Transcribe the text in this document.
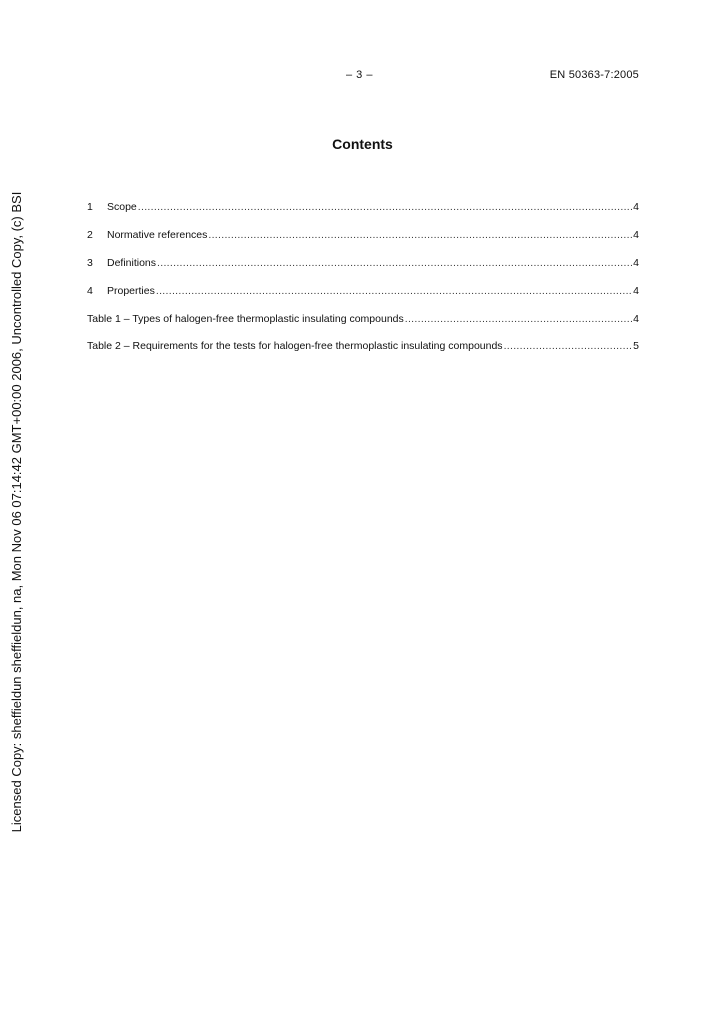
– 3 –	EN 50363-7:2005
Contents
1	Scope .....	4
2	Normative references .....	4
3	Definitions .....	4
4	Properties .....	4
Table 1 – Types of halogen-free thermoplastic insulating compounds .....	4
Table 2 – Requirements for the tests for halogen-free thermoplastic insulating compounds .....	5
Licensed Copy: sheffieldun sheffieldun, na, Mon Nov 06 07:14:42 GMT+00:00 2006, Uncontrolled Copy, (c) BSI
